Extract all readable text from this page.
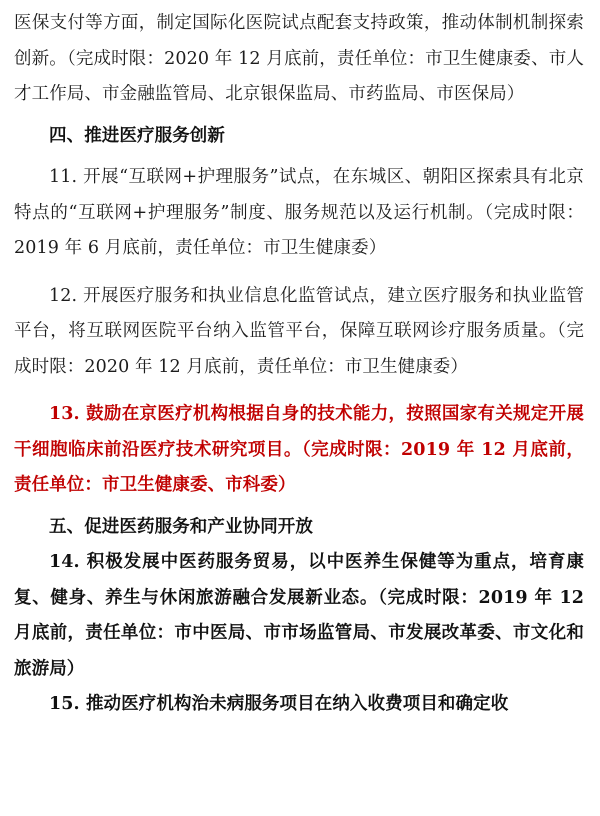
医保支付等方面，制定国际化医院试点配套支持政策，推动体制机制探索创新。（完成时限：2020 年 12 月底前，责任单位：市卫生健康委、市人才工作局、市金融监管局、北京银保监局、市药监局、市医保局）

四、推进医疗服务创新

11. 开展“互联网+护理服务”试点，在东城区、朝阳区探索具有北京特点的“互联网+护理服务”制度、服务规范以及运行机制。（完成时限：2019 年 6 月底前，责任单位：市卫生健康委）

12. 开展医疗服务和执业信息化监管试点，建立医疗服务和执业监管平台，将互联网医院平台纳入监管平台，保障互联网诊疗服务质量。（完成时限：2020 年 12 月底前，责任单位：市卫生健康委）

13. 鼓励在京医疗机构根据自身的技术能力，按照国家有关规定开展干细胞临床前沿医疗技术研究项目。（完成时限：2019 年 12 月底前，责任单位：市卫生健康委、市科委）

五、促进医药服务和产业协同开放

14. 积极发展中医药服务贸易，以中医养生保健等为重点，培育康复、健身、养生与休闲旅游融合发展新业态。（完成时限：2019 年 12 月底前，责任单位：市中医局、市市场监管局、市发展改革委、市文化和旅游局）

15. 推动医疗机构治未病服务项目在纳入收费项目和确定收
